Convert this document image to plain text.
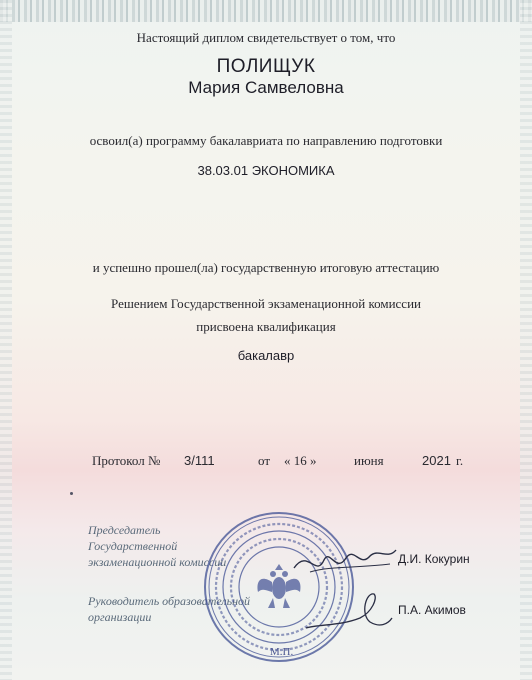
Настоящий диплом свидетельствует о том, что
ПОЛИЩУК
Мария Самвеловна
освоил(а) программу бакалавриата по направлению подготовки
38.03.01 ЭКОНОМИКА
и успешно прошел(ла) государственную итоговую аттестацию
Решением Государственной экзаменационной комиссии
присвоена квалификация
бакалавр
Протокол № 3/111	от « 16 »	июня	2021 г.
Председатель
Государственной
экзаменационной комиссии	Д.И. Кокурин
Руководитель образовательной
организации	П.А. Акимов
М.П.
